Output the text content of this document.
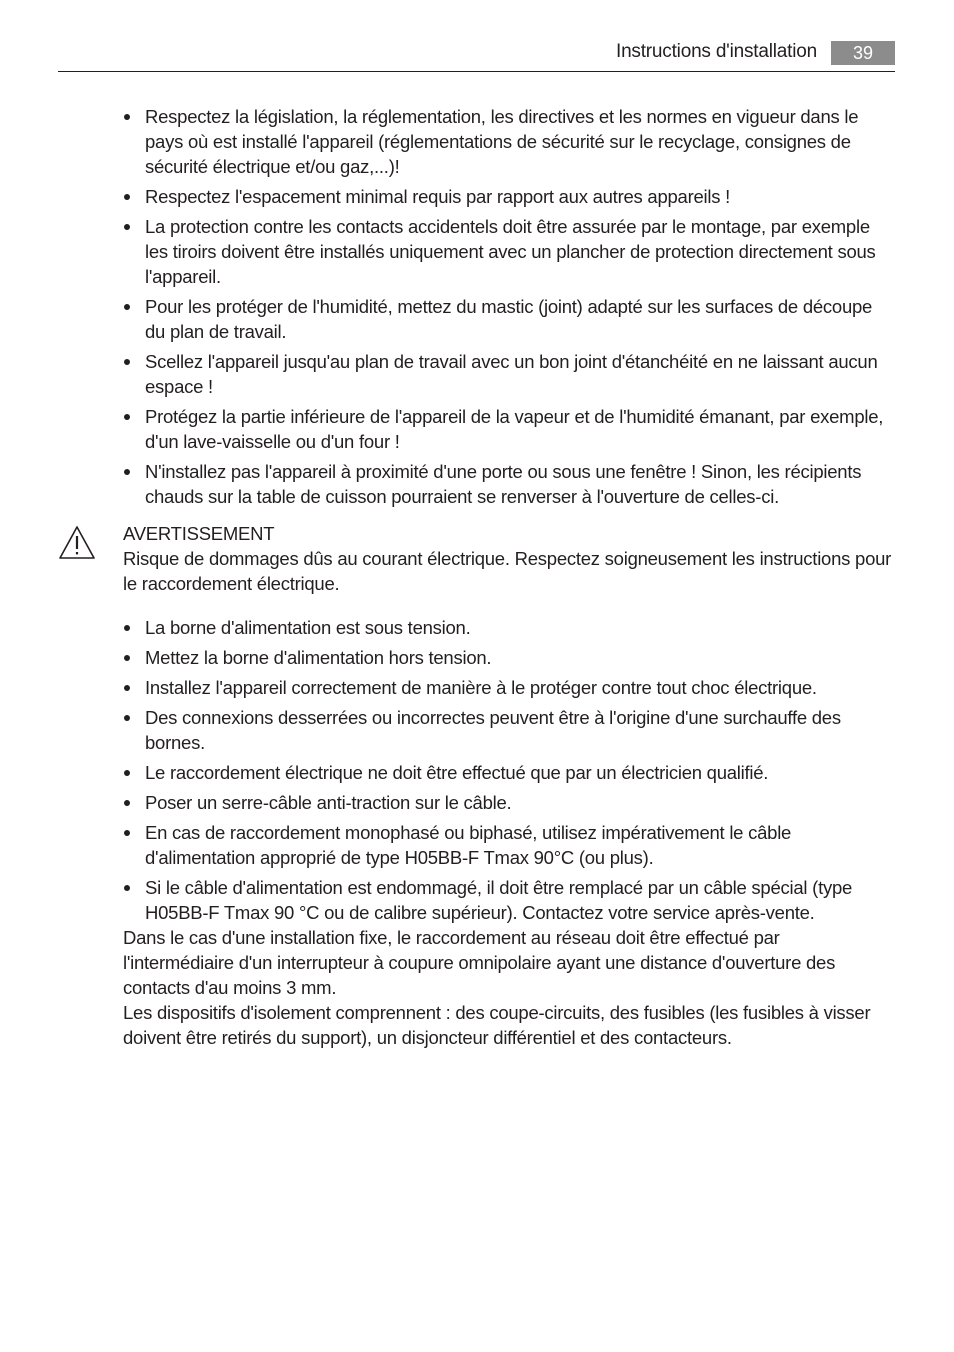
Instructions d'installation	39
Respectez la législation, la réglementation, les directives et les normes en vigueur dans le pays où est installé l'appareil (réglementations de sécurité sur le recyclage, consignes de sécurité électrique et/ou gaz,...)!
Respectez l'espacement minimal requis par rapport aux autres appareils !
La protection contre les contacts accidentels doit être assurée par le montage, par exemple les tiroirs doivent être installés uniquement avec un plancher de protection directement sous l'appareil.
Pour les protéger de l'humidité, mettez du mastic (joint) adapté sur les surfaces de découpe du plan de travail.
Scellez l'appareil jusqu'au plan de travail avec un bon joint d'étanchéité en ne laissant aucun espace !
Protégez la partie inférieure de l'appareil de la vapeur et de l'humidité émanant, par exemple, d'un lave-vaisselle ou d'un four !
N'installez pas l'appareil à proximité d'une porte ou sous une fenêtre ! Sinon, les récipients chauds sur la table de cuisson pourraient se renverser à l'ouverture de celles-ci.
AVERTISSEMENT
Risque de dommages dûs au courant électrique. Respectez soigneusement les instructions pour le raccordement électrique.
La borne d'alimentation est sous tension.
Mettez la borne d'alimentation hors tension.
Installez l'appareil correctement de manière à le protéger contre tout choc électrique.
Des connexions desserrées ou incorrectes peuvent être à l'origine d'une surchauffe des bornes.
Le raccordement électrique ne doit être effectué que par un électricien qualifié.
Poser un serre-câble anti-traction sur le câble.
En cas de raccordement monophasé ou biphasé, utilisez impérativement le câble d'alimentation approprié de type H05BB-F Tmax 90°C (ou plus).
Si le câble d'alimentation est endommagé, il doit être remplacé par un câble spécial (type H05BB-F Tmax 90 °C ou de calibre supérieur). Contactez votre service après-vente.

Dans le cas d'une installation fixe, le raccordement au réseau doit être effectué par l'intermédiaire d'un interrupteur à coupure omnipolaire ayant une distance d'ouverture des contacts d'au moins 3 mm.

Les dispositifs d'isolement comprennent : des coupe-circuits, des fusibles (les fusibles à visser doivent être retirés du support), un disjoncteur différentiel et des contacteurs.
